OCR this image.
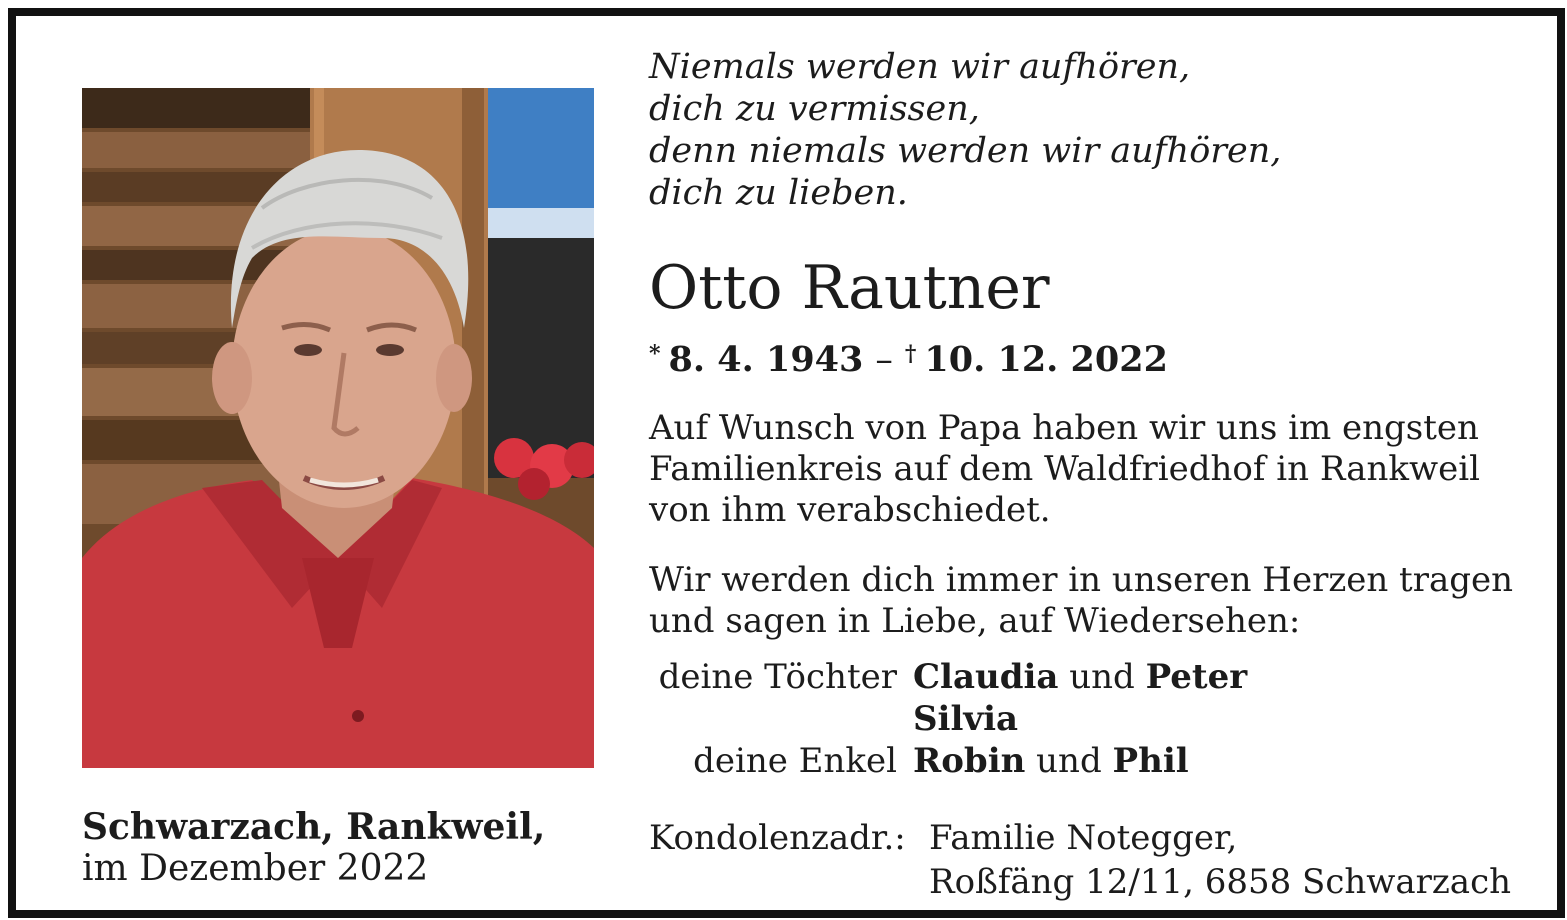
Schwarzach, Rankweil,
im Dezember 2022
Niemals werden wir aufhören,
dich zu vermissen,
denn niemals werden wir aufhören,
dich zu lieben.
Otto Rautner
* 8. 4. 1943 – † 10. 12. 2022
Auf Wunsch von Papa haben wir uns im engsten Familienkreis auf dem Waldfriedhof in Rankweil von ihm verabschiedet.
Wir werden dich immer in unseren Herzen tragen und sagen in Liebe, auf Wiedersehen:
deine Töchter Claudia und Peter
Silvia
deine Enkel Robin und Phil
Kondolenzadr.: Familie Notegger,
Roßfäng 12/11, 6858 Schwarzach
